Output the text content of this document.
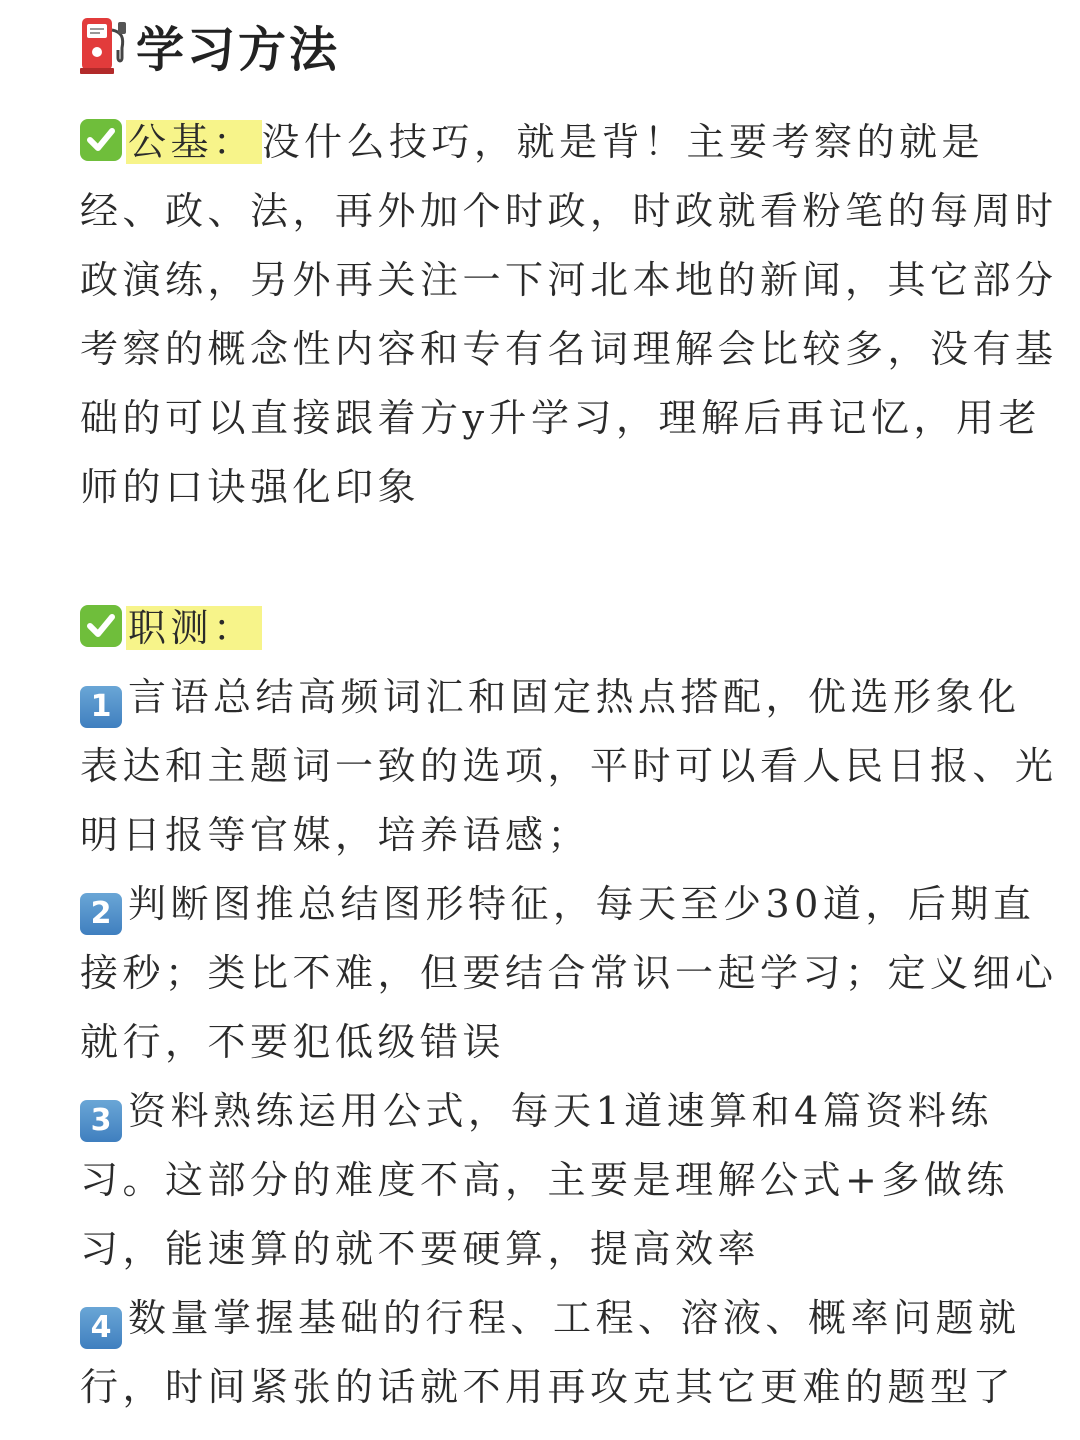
学习方法
公基： 没什么技巧，就是背！主要考察的就是
经、政、法，再外加个时政，时政就看粉笔的每周时
政演练，另外再关注一下河北本地的新闻，其它部分
考察的概念性内容和专有名词理解会比较多，没有基
础的可以直接跟着方y升学习，理解后再记忆，用老
师的口诀强化印象
职测：
1 言语总结高频词汇和固定热点搭配，优选形象化
表达和主题词一致的选项，平时可以看人民日报、光
明日报等官媒，培养语感；
2 判断图推总结图形特征，每天至少30道，后期直
接秒；类比不难，但要结合常识一起学习；定义细心
就行，不要犯低级错误
3 资料熟练运用公式，每天1道速算和4篇资料练
习。这部分的难度不高，主要是理解公式+多做练
习，能速算的就不要硬算，提高效率
4 数量掌握基础的行程、工程、溶液、概率问题就
行，时间紧张的话就不用再攻克其它更难的题型了
